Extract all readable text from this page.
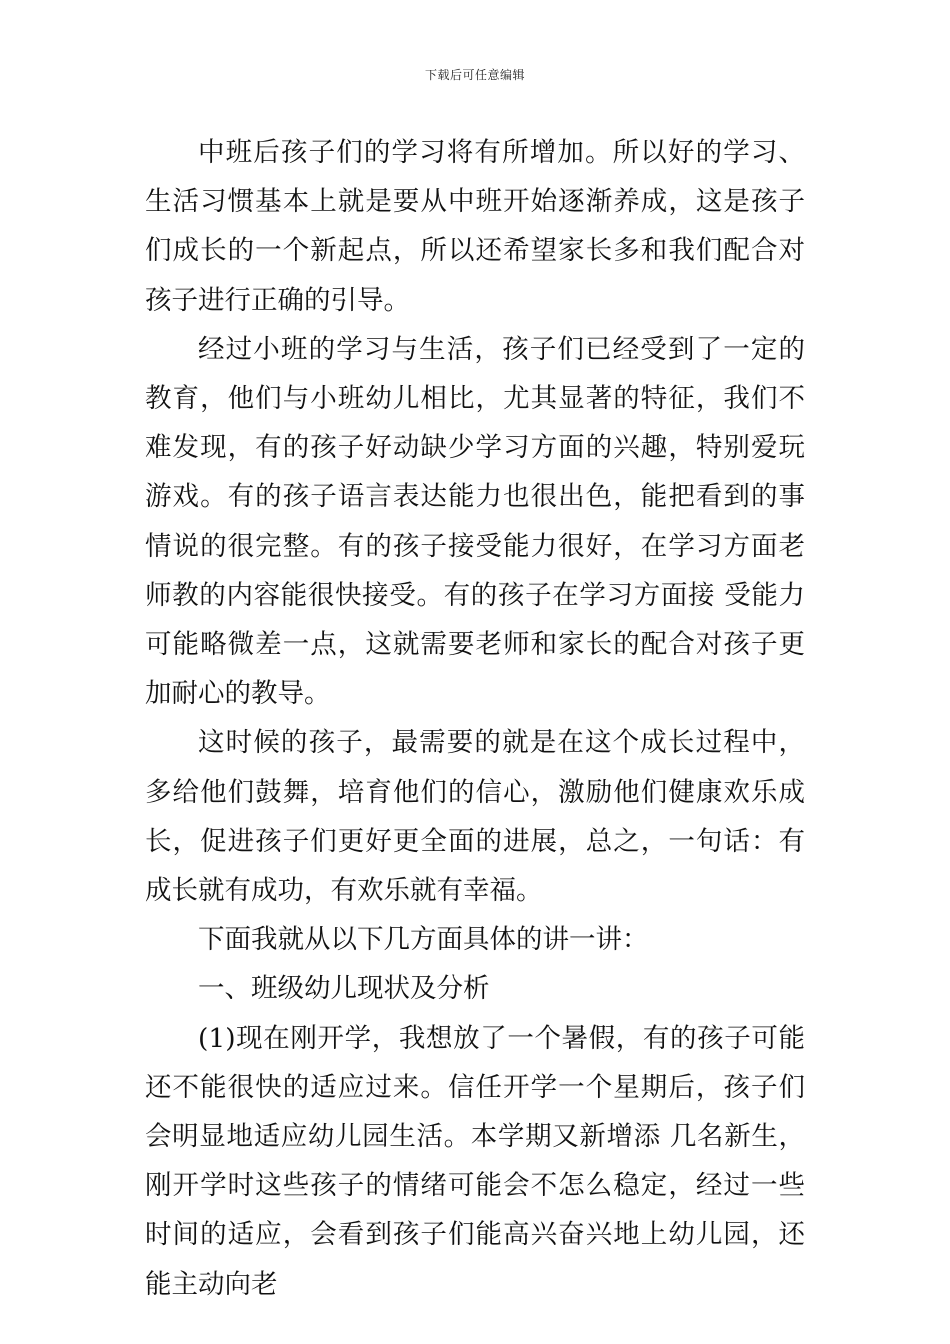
下载后可任意编辑

中班后孩子们的学习将有所增加。所以好的学习、生活习惯基本上就是要从中班开始逐渐养成，这是孩子们成长的一个新起点，所以还希望家长多和我们配合对孩子进行正确的引导。

经过小班的学习与生活，孩子们已经受到了一定的教育，他们与小班幼儿相比，尤其显著的特征，我们不难发现，有的孩子好动缺少学习方面的兴趣，特别爱玩游戏。有的孩子语言表达能力也很出色，能把看到的事情说的很完整。有的孩子接受能力很好，在学习方面老师教的内容能很快接受。有的孩子在学习方面接 受能力可能略微差一点，这就需要老师和家长的配合对孩子更加耐心的教导。

这时候的孩子，最需要的就是在这个成长过程中，多给他们鼓舞，培育他们的信心，激励他们健康欢乐成长，促进孩子们更好更全面的进展，总之，一句话：有成长就有成功，有欢乐就有幸福。

下面我就从以下几方面具体的讲一讲：

一、班级幼儿现状及分析

(1)现在刚开学，我想放了一个暑假，有的孩子可能还不能很快的适应过来。信任开学一个星期后，孩子们会明显地适应幼儿园生活。本学期又新增添 几名新生，刚开学时这些孩子的情绪可能会不怎么稳定，经过一些时间的适应，会看到孩子们能高兴奋兴地上幼儿园，还能主动向老
